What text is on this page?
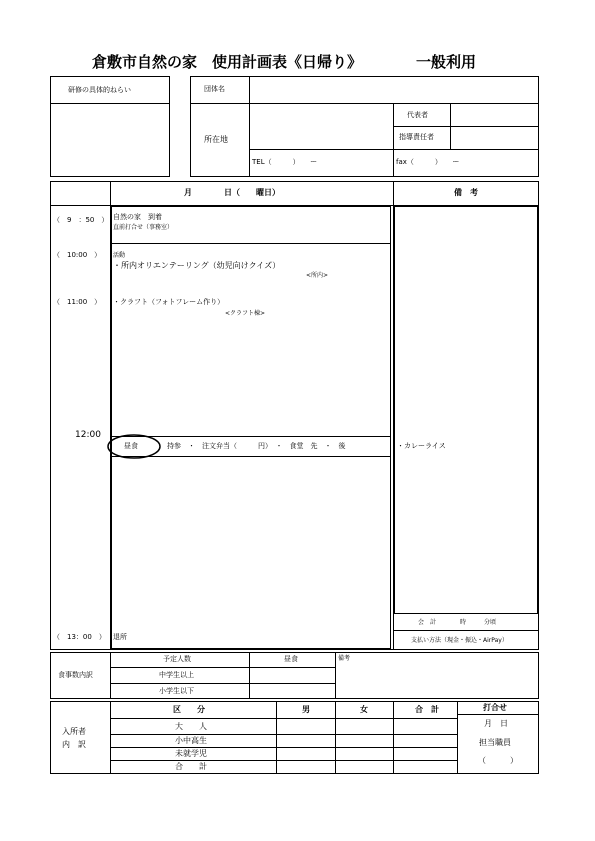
倉敷市自然の家　使用計画表《日帰り》	一般利用
研修の具体的ねらい	団体名
所在地
代表者
指導責任者
TEL（　　　）　　ー	fax（　　　）　　ー
月　　　　日（　　曜日）	備　考
（　9　：50　） 自然の家　到着
直前打合せ（事務室）
（　10:00　） 活動
・所内オリエンテーリング（幼児向けクイズ）
<所内>
（　11:00　） ・クラフト（フォトフレーム作り）
<クラフト棟>
12:00
昼食	持参　・　注文弁当（　　　円）　・　食堂　先　・　後	・カレーライス
（　13：00　） 退所
会　計　　　　時　　　分頃
支払い方法（現金・振込・AirPay）
食事数内訳
予定人数	昼食
中学生以上
小学生以下
備考
入所者
内　訳
区　　分	男	女	合　計
大　　人
小中高生
未就学児
合　　計
打合せ
月　日
担当職員
（　　　）
